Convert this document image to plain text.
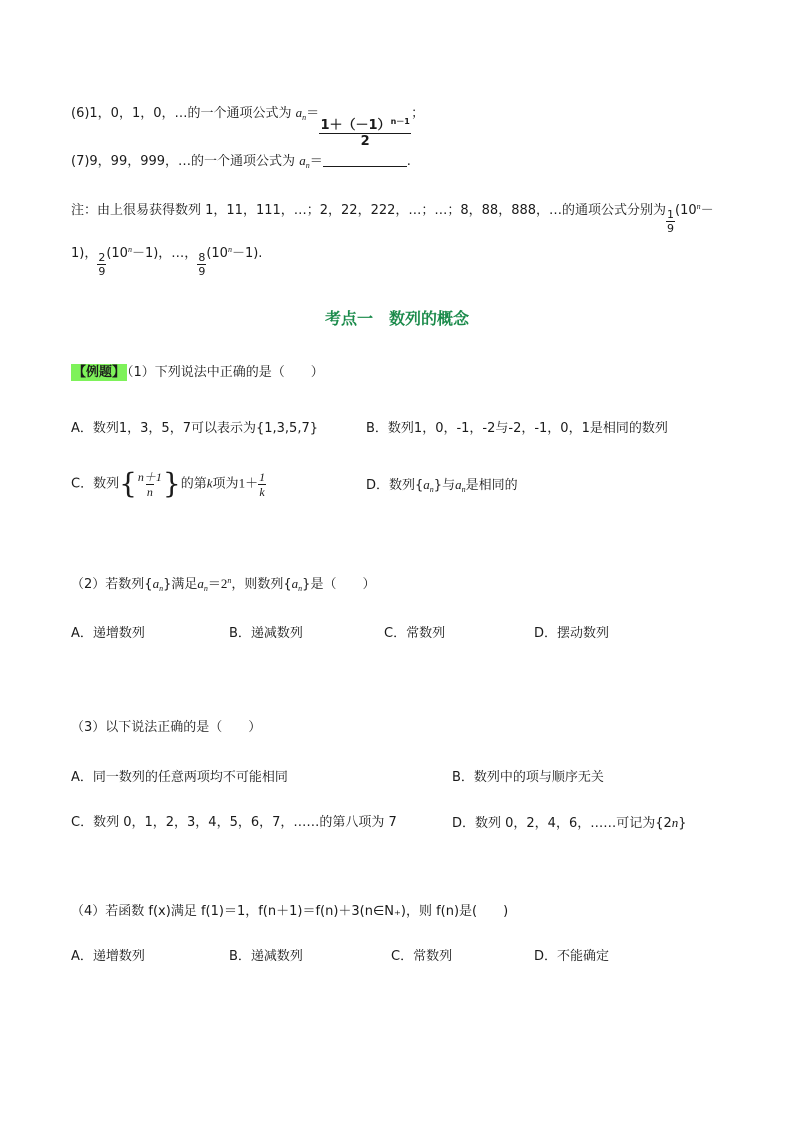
(6)1，0，1，0，…的一个通项公式为 $a_n=$
$\frac{1+(-1)^{n-1}}{2}$
；
(7)9，99，999，…的一个通项公式为 $a_n=$	.
注：由上很易获得数列 1，11，111，…；2，22，222，…；…；8，88，888，…的通项公式分别为 $\frac{1}{9} (10^n-$
1)， $\frac{2}{9} (10^n-1)$，…， $\frac{8}{9} (10^n-1)$.
考点一　数列的概念
【例题】 （1）下列说法中正确的是（　　）
A．数列1，3，5，7可以表示为{1,3,5,7}	B．数列1，0，-1，-2与-2，-1，0，1是相同的数列
C．数列{ $\frac{n+1}{n}$ }的第k项为$1+ \frac{1}{k}$	D．数列$\{a_n\}$与$a_n$是相同的
（2）若数列$\{a_n\}$满足$a_n=2^n$，则数列$\{a_n\}$是（　　）
A．递增数列	B．递减数列	C．常数列	D．摆动数列
（3）以下说法正确的是（　　）
A．同一数列的任意两项均不可能相同	B．数列中的项与顺序无关
C．数列 0，1，2，3，4，5，6，7，……的第八项为 7	D．数列 0，2，4，6，……可记为{2n}
（4）若函数 f(x)满足 f(1)＝1，f(n＋1)＝f(n)＋3(n∈N₊)，则 f(n)是(　　)
A．递增数列	B．递减数列	C．常数列	D．不能确定
